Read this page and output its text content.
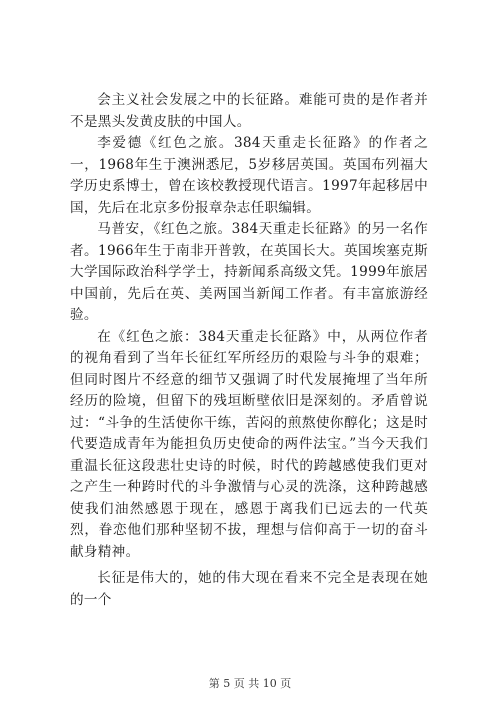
会主义社会发展之中的长征路。难能可贵的是作者并不是黑头发黄皮肤的中国人。

李爱德《红色之旅。384天重走长征路》的作者之一，1968年生于澳洲悉尼，5岁移居英国。英国布列福大学历史系博士，曾在该校教授现代语言。1997年起移居中国，先后在北京多份报章杂志任职编辑。

马普安，《红色之旅。384天重走长征路》的另一名作者。1966年生于南非开普敦，在英国长大。英国埃塞克斯大学国际政治科学学士，持新闻系高级文凭。1999年旅居中国前，先后在英、美两国当新闻工作者。有丰富旅游经验。

在《红色之旅：384天重走长征路》中，从两位作者的视角看到了当年长征红军所经历的艰险与斗争的艰难；但同时图片不经意的细节又强调了时代发展掩埋了当年所经历的险境，但留下的残垣断壁依旧是深刻的。矛盾曾说过：“斗争的生活使你干练，苦闷的煎熬使你醇化；这是时代要造成青年为能担负历史使命的两件法宝。”当今天我们重温长征这段悲壮史诗的时候，时代的跨越感使我们更对之产生一种跨时代的斗争激情与心灵的洗涤，这种跨越感使我们油然感恩于现在，感恩于离我们已远去的一代英烈，眷恋他们那种坚韧不拔，理想与信仰高于一切的奋斗献身精神。

长征是伟大的，她的伟大现在看来不完全是表现在她的一个

第 5 页 共 10 页
